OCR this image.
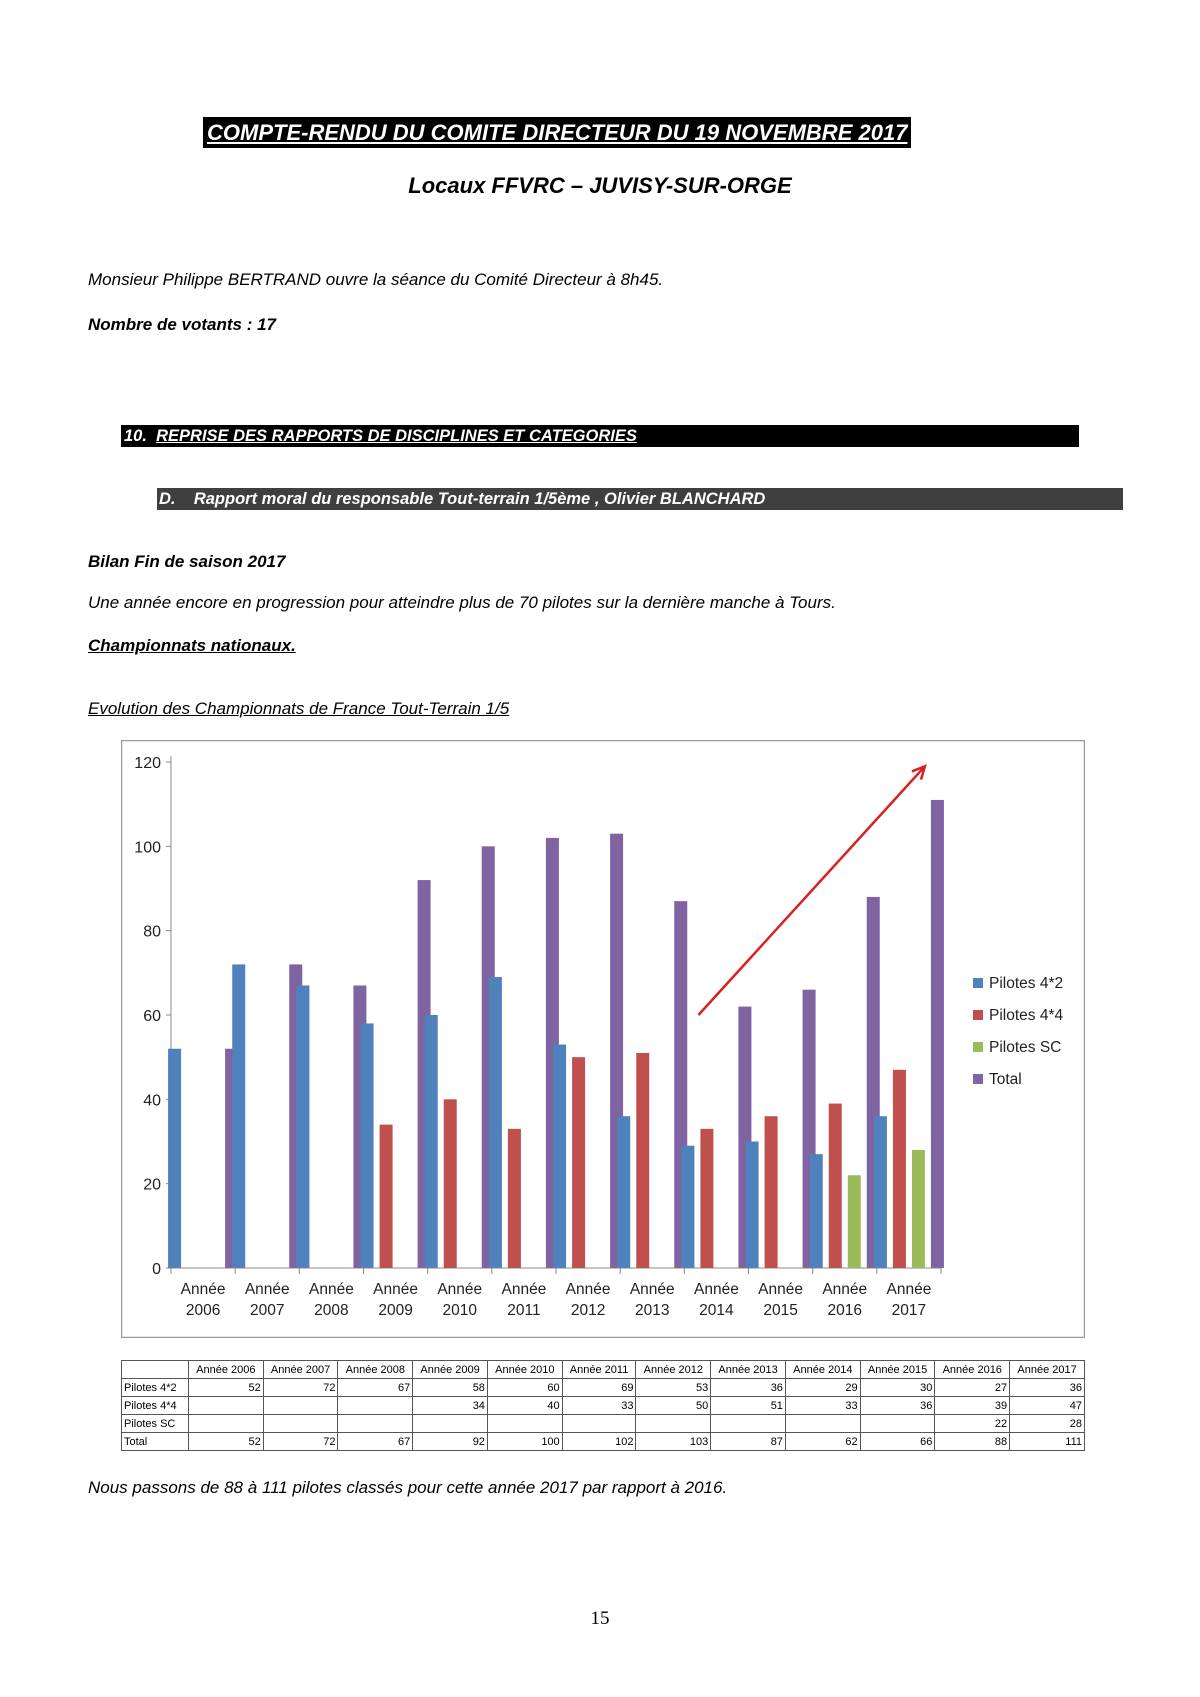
COMPTE-RENDU DU COMITE DIRECTEUR DU 19 NOVEMBRE 2017
Locaux FFVRC – JUVISY-SUR-ORGE
Monsieur Philippe BERTRAND ouvre la séance du Comité Directeur à 8h45.
Nombre de votants : 17
10. REPRISE DES RAPPORTS DE DISCIPLINES ET CATEGORIES
D. Rapport moral du responsable Tout-terrain 1/5ème , Olivier BLANCHARD
Bilan Fin de saison 2017
Une année encore en progression pour atteindre plus de 70 pilotes sur la dernière manche à Tours.
Championnats nationaux.
Evolution des Championnats de France Tout-Terrain 1/5
0
20
40
60
80
100
120
Année
2006
Année
2007
Année
2008
Année
2009
Année
2010
Année
2011
Année
2012
Année
2013
Année
2014
Année
2015
Année
2016
Année
2017
Pilotes 4*2
Pilotes 4*4
Pilotes SC
Total
	Année 2006	Année 2007	Année 2008	Année 2009	Année 2010	Année 2011	Année 2012	Année 2013	Année 2014	Année 2015	Année 2016	Année 2017
Pilotes 4*2	52	72	67	58	60	69	53	36	29	30	27	36
Pilotes 4*4				34	40	33	50	51	33	36	39	47
Pilotes SC											22	28
Total	52	72	67	92	100	102	103	87	62	66	88	111
Nous passons de 88 à 111 pilotes classés pour cette année 2017 par rapport à 2016.
15
